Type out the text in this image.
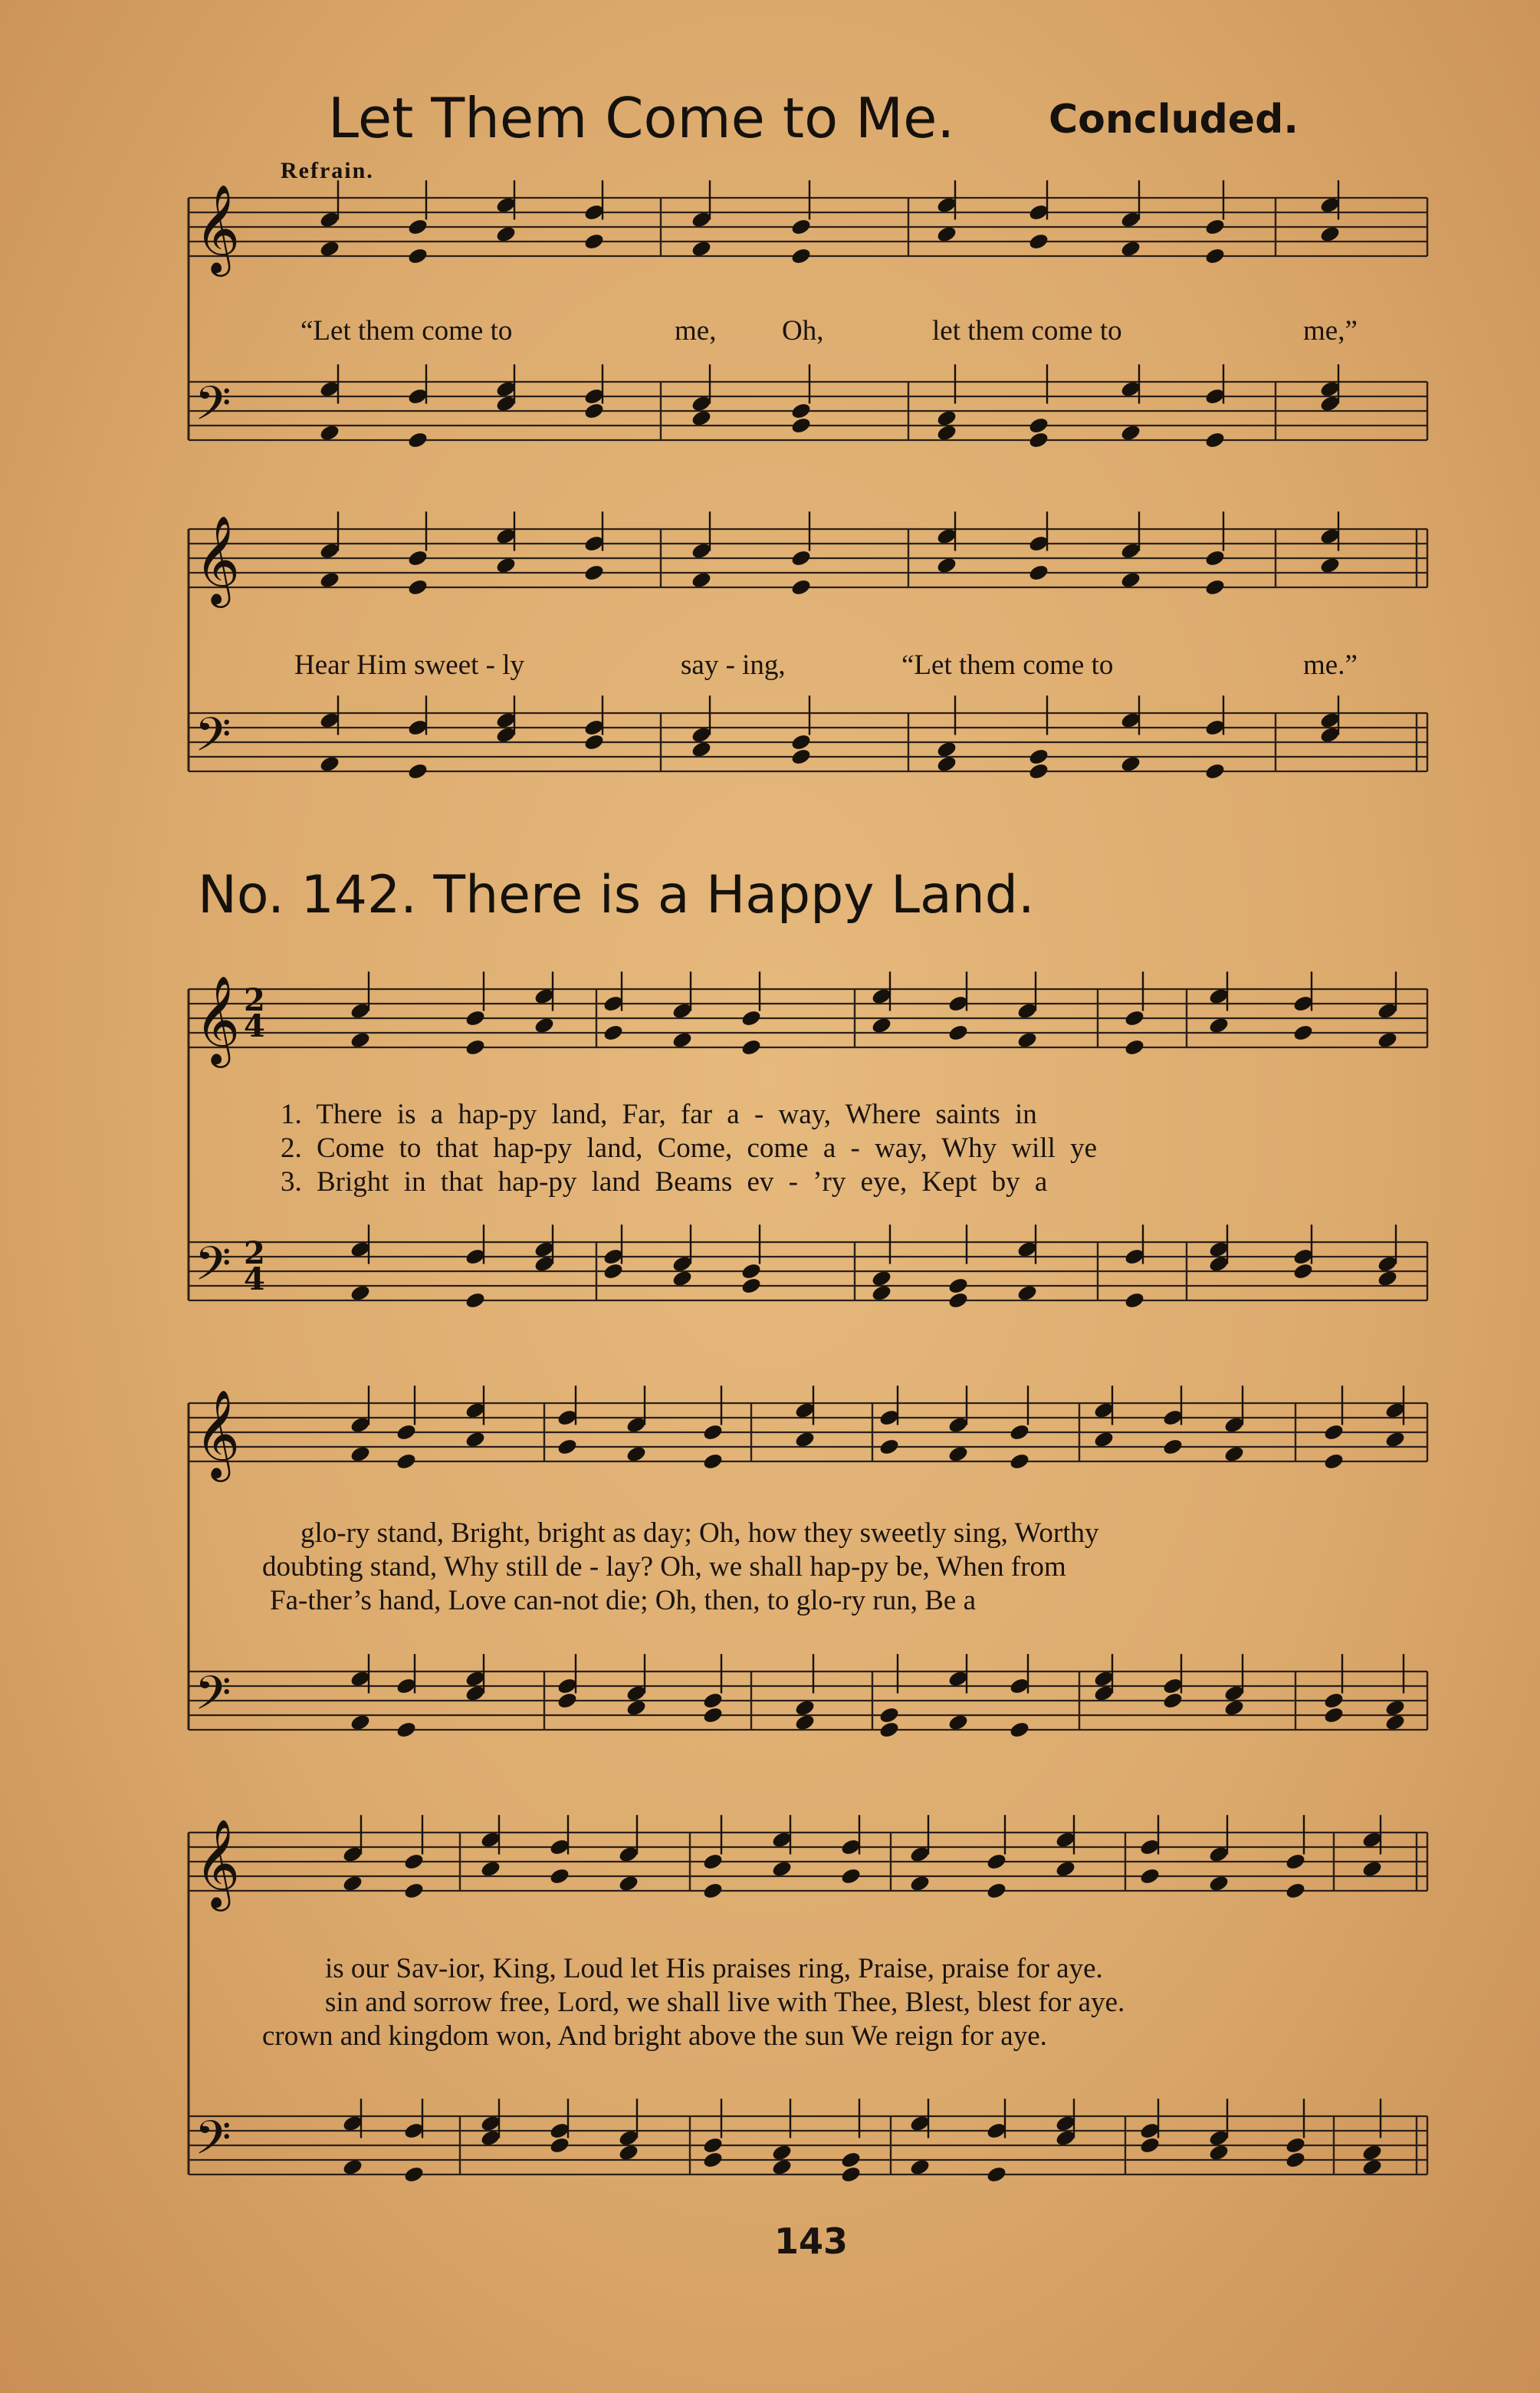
Let Them Come to Me. Concluded.
Refrain.
No. 142. There is a Happy Land.
𝄞
𝄢
𝄞
𝄢
𝄞
𝄢
𝄞
𝄢
𝄞
𝄢
2
4
2
4
“Let them come to	me, Oh,	let them come to	me,”
Hear Him sweet - ly	say - ing,	“Let them come to	me.”
1. There is a hap-py land, Far, far a - way, Where saints in
2. Come to that hap-py land, Come, come a - way, Why will ye
3. Bright in that hap-py land Beams ev - ’ry eye, Kept by a
glo-ry stand, Bright, bright as day; Oh, how they sweetly sing, Worthy
doubting stand, Why still de - lay? Oh, we shall hap-py be, When from
Fa-ther’s hand, Love can-not die; Oh, then, to glo-ry run, Be a
is our Sav-ior, King, Loud let His praises ring, Praise, praise for aye.
sin and sorrow free, Lord, we shall live with Thee, Blest, blest for aye.
crown and kingdom won, And bright above the sun We reign for aye.
143
